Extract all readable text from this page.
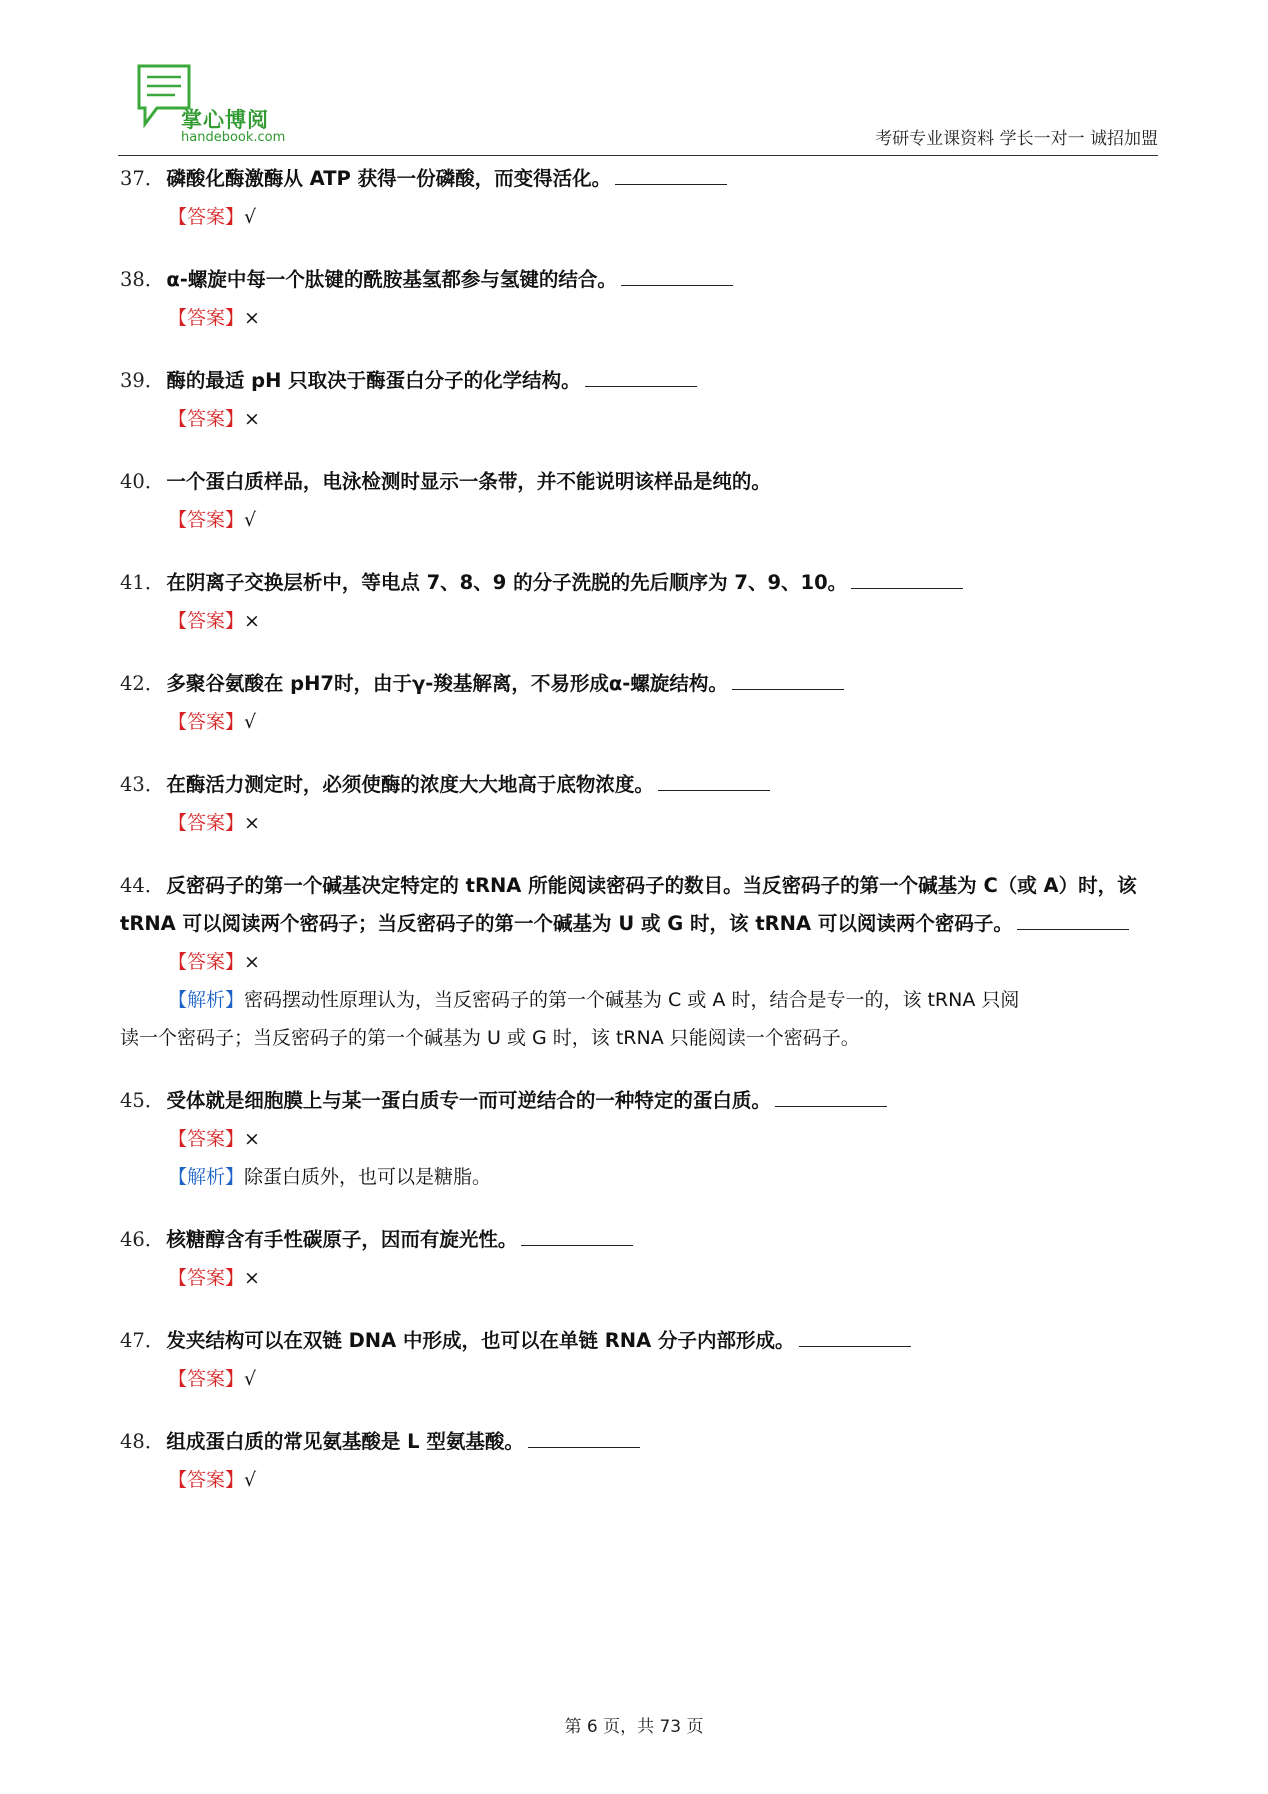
掌心博阅
handebook.com	考研专业课资料 学长一对一 诚招加盟

37． 磷酸化酶激酶从 ATP 获得一份磷酸，而变得活化。

【答案】√

38． α-螺旋中每一个肽键的酰胺基氢都参与氢键的结合。

【答案】×

39． 酶的最适 pH 只取决于酶蛋白分子的化学结构。

【答案】×

40． 一个蛋白质样品，电泳检测时显示一条带，并不能说明该样品是纯的。

【答案】√

41． 在阴离子交换层析中，等电点 7、8、9 的分子洗脱的先后顺序为 7、9、10。

【答案】×

42． 多聚谷氨酸在 pH7时，由于γ-羧基解离，不易形成α-螺旋结构。

【答案】√

43． 在酶活力测定时，必须使酶的浓度大大地高于底物浓度。

【答案】×

44． 反密码子的第一个碱基决定特定的 tRNA 所能阅读密码子的数目。当反密码子的第一个碱基为 C（或 A）时，该 tRNA 可以阅读两个密码子；当反密码子的第一个碱基为 U 或 G 时，该 tRNA 可以阅读两个密码子。

【答案】×

【解析】密码摆动性原理认为，当反密码子的第一个碱基为 C 或 A 时，结合是专一的，该 tRNA 只阅

读一个密码子；当反密码子的第一个碱基为 U 或 G 时，该 tRNA 只能阅读一个密码子。

45． 受体就是细胞膜上与某一蛋白质专一而可逆结合的一种特定的蛋白质。

【答案】×

【解析】除蛋白质外，也可以是糖脂。

46． 核糖醇含有手性碳原子，因而有旋光性。

【答案】×

47． 发夹结构可以在双链 DNA 中形成，也可以在单链 RNA 分子内部形成。

【答案】√

48． 组成蛋白质的常见氨基酸是 L 型氨基酸。

【答案】√

第 6 页，共 73 页
